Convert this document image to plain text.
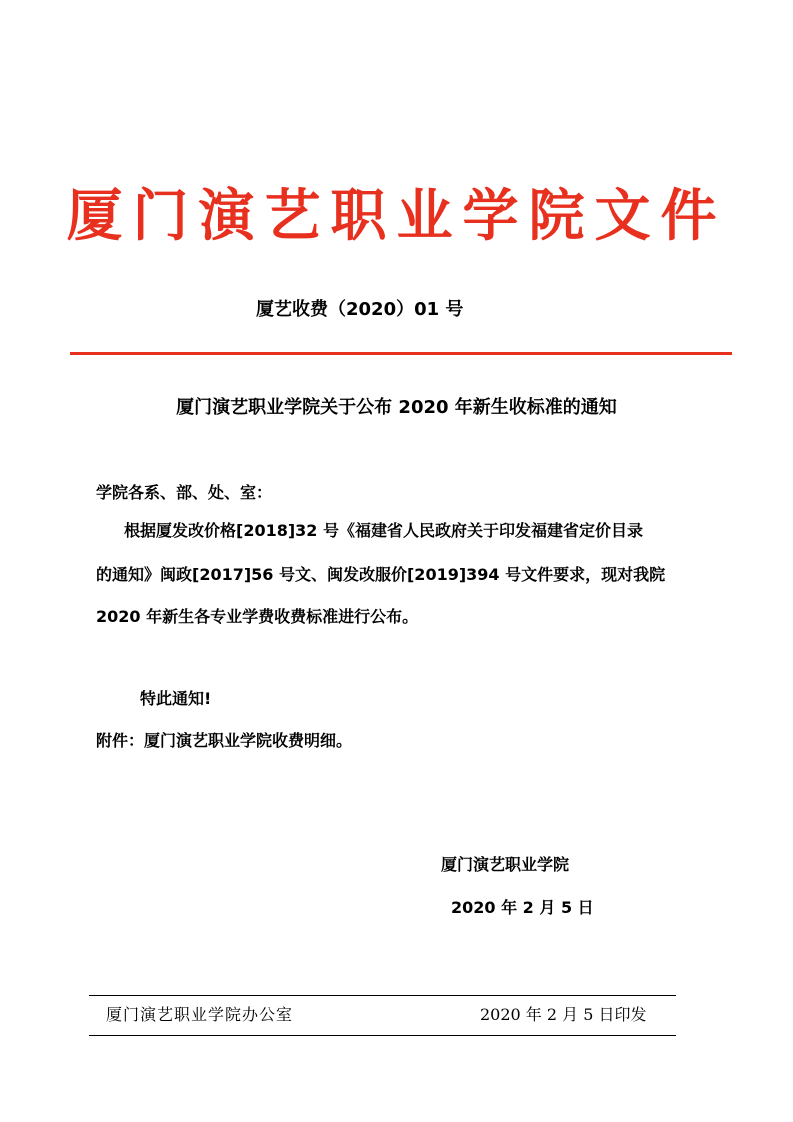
厦门演艺职业学院文件
厦艺收费（2020）01 号
厦门演艺职业学院关于公布 2020 年新生收标准的通知
学院各系、部、处、室：
根据厦发改价格[2018]32 号《福建省人民政府关于印发福建省定价目录
的通知》闽政[2017]56 号文、闽发改服价[2019]394 号文件要求，现对我院
2020 年新生各专业学费收费标准进行公布。
特此通知!
附件：厦门演艺职业学院收费明细。
厦门演艺职业学院
2020 年 2 月 5 日
厦门演艺职业学院办公室	2020 年 2 月 5 日印发
